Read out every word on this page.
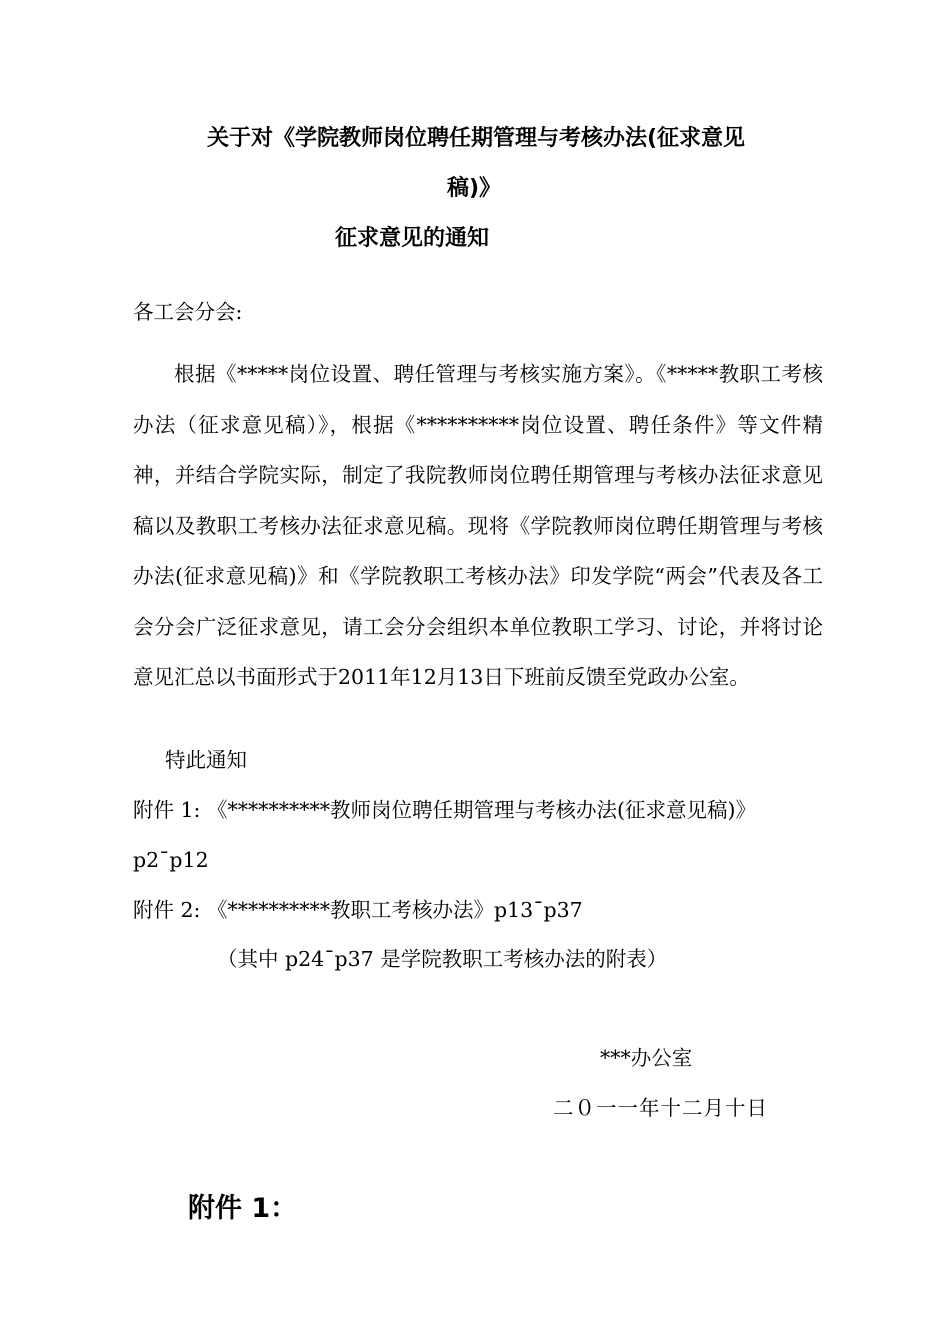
关于对《学院教师岗位聘任期管理与考核办法(征求意见
稿)》
征求意见的通知
各工会分会:

根据《*****岗位设置、聘任管理与考核实施方案》。《*****教职工考核办法（征求意见稿）》，根据《**********岗位设置、聘任条件》等文件精神，并结合学院实际，制定了我院教师岗位聘任期管理与考核办法征求意见稿以及教职工考核办法征求意见稿。现将《学院教师岗位聘任期管理与考核办法(征求意见稿)》和《学院教职工考核办法》印发学院“两会”代表及各工会分会广泛征求意见，请工会分会组织本单位教职工学习、讨论，并将讨论意见汇总以书面形式于2011年12月13日下班前反馈至党政办公室。

特此通知
附件 1: 《**********教师岗位聘任期管理与考核办法(征求意见稿)》
p2¯p12
附件 2: 《**********教职工考核办法》p13¯p37
（其中 p24¯p37 是学院教职工考核办法的附表）
***办公室
二０一一年十二月十日
附件 1：
